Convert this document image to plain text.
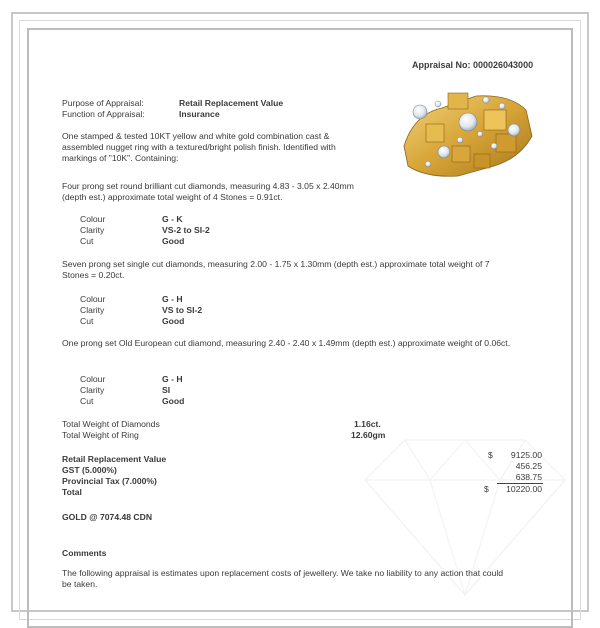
Appraisal No: 000026043000
Purpose of Appraisal:	Retail Replacement Value
Function of Appraisal:	Insurance
One stamped & tested 10KT yellow and white gold combination cast & assembled nugget ring with a textured/bright polish finish. Identified with markings of "10K". Containing:
Four prong set round brilliant cut diamonds, measuring 4.83 - 3.05 x 2.40mm (depth est.) approximate total weight of 4 Stones = 0.91ct.
Colour	G - K
Clarity	VS-2 to SI-2
Cut	Good
Seven prong set single cut diamonds, measuring 2.00 - 1.75 x 1.30mm (depth est.) approximate total weight of 7 Stones = 0.20ct.
Colour	G - H
Clarity	VS to SI-2
Cut	Good
One prong set Old European cut diamond, measuring 2.40 - 2.40 x 1.49mm (depth est.) approximate weight of 0.06ct.
Colour	G - H
Clarity	SI
Cut	Good
Total Weight of Diamonds	1.16ct.
Total Weight of Ring	12.60gm
Retail Replacement Value	$	9125.00
GST (5.000%)	456.25
Provincial Tax (7.000%)	638.75
Total	$	10220.00
GOLD @ 7074.48 CDN
Comments
The following appraisal is estimates upon replacement costs of jewellery. We take no liability to any action that could be taken.
